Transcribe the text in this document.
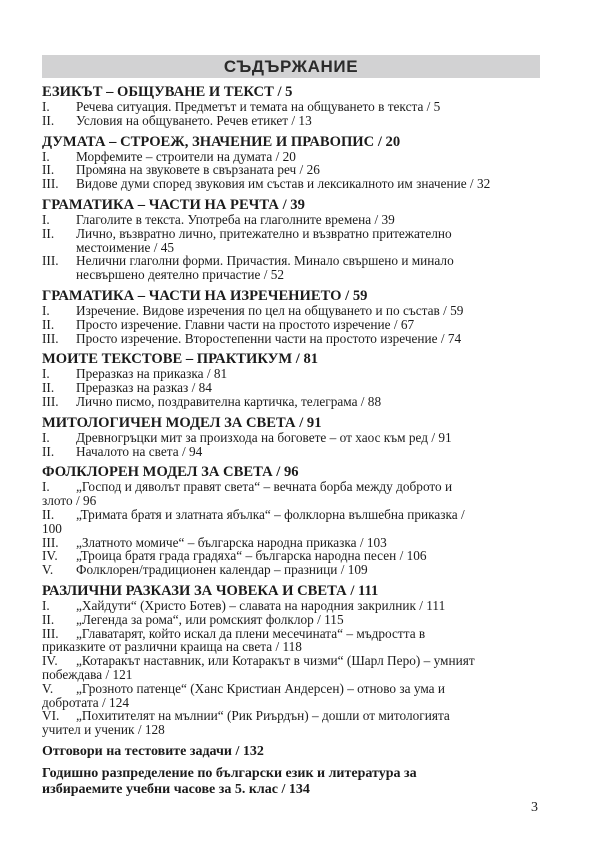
СЪДЪРЖАНИЕ
ЕЗИКЪТ – ОБЩУВАНЕ И ТЕКСТ / 5
I. Речева ситуация. Предметът и темата на общуването в текста / 5
II. Условия на общуването. Речев етикет / 13
ДУМАТА – СТРОЕЖ, ЗНАЧЕНИЕ И ПРАВОПИС / 20
I. Морфемите – строители на думата / 20
II. Промяна на звуковете в свързаната реч / 26
III. Видове думи според звуковия им състав и лексикалното им значение / 32
ГРАМАТИКА – ЧАСТИ НА РЕЧТА / 39
I. Глаголите в текста. Употреба на глаголните времена / 39
II. Лично, възвратно лично, притежателно и възвратно притежателно
местоимение / 45
III. Нелични глаголни форми. Причастия. Минало свършено и минало
несвършено деятелно причастие / 52
ГРАМАТИКА – ЧАСТИ НА ИЗРЕЧЕНИЕТО / 59
I. Изречение. Видове изречения по цел на общуването и по състав / 59
II. Просто изречение. Главни части на простото изречение / 67
III. Просто изречение. Второстепенни части на простото изречение / 74
МОИТЕ ТЕКСТОВЕ – ПРАКТИКУМ / 81
I. Преразказ на приказка / 81
II. Преразказ на разказ / 84
III. Лично писмо, поздравителна картичка, телеграма / 88
МИТОЛОГИЧЕН МОДЕЛ ЗА СВЕТА / 91
I. Древногръцки мит за произхода на боговете – от хаос към ред / 91
II. Началото на света / 94
ФОЛКЛОРЕН МОДЕЛ ЗА СВЕТА / 96
I. „Господ и дяволът правят света“ – вечната борба между доброто и
злото / 96
II. „Тримата братя и златната ябълка“ – фолклорна вълшебна приказка /
100
III. „Златното момиче“ – българска народна приказка / 103
IV. „Троица братя града градяха“ – българска народна песен / 106
V. Фолклорен/традиционен календар – празници / 109
РАЗЛИЧНИ РАЗКАЗИ ЗА ЧОВЕКА И СВЕТА / 111
I. „Хайдути“ (Христо Ботев) – славата на народния закрилник / 111
II. „Легенда за рома“, или ромският фолклор / 115
III. „Главатарят, който искал да плени месечината“ – мъдростта в
приказките от различни краища на света / 118
IV. „Котаракът наставник, или Котаракът в чизми“ (Шарл Перо) – умният
побеждава / 121
V. „Грозното патенце“ (Ханс Кристиан Андерсен) – отново за ума и
добротата / 124
VI. „Похитителят на мълнии“ (Рик Риърдън) – дошли от митологията
учител и ученик / 128
Отговори на тестовите задачи / 132
Годишно разпределение по български език и литература за
избираемите учебни часове за 5. клас / 134
3
